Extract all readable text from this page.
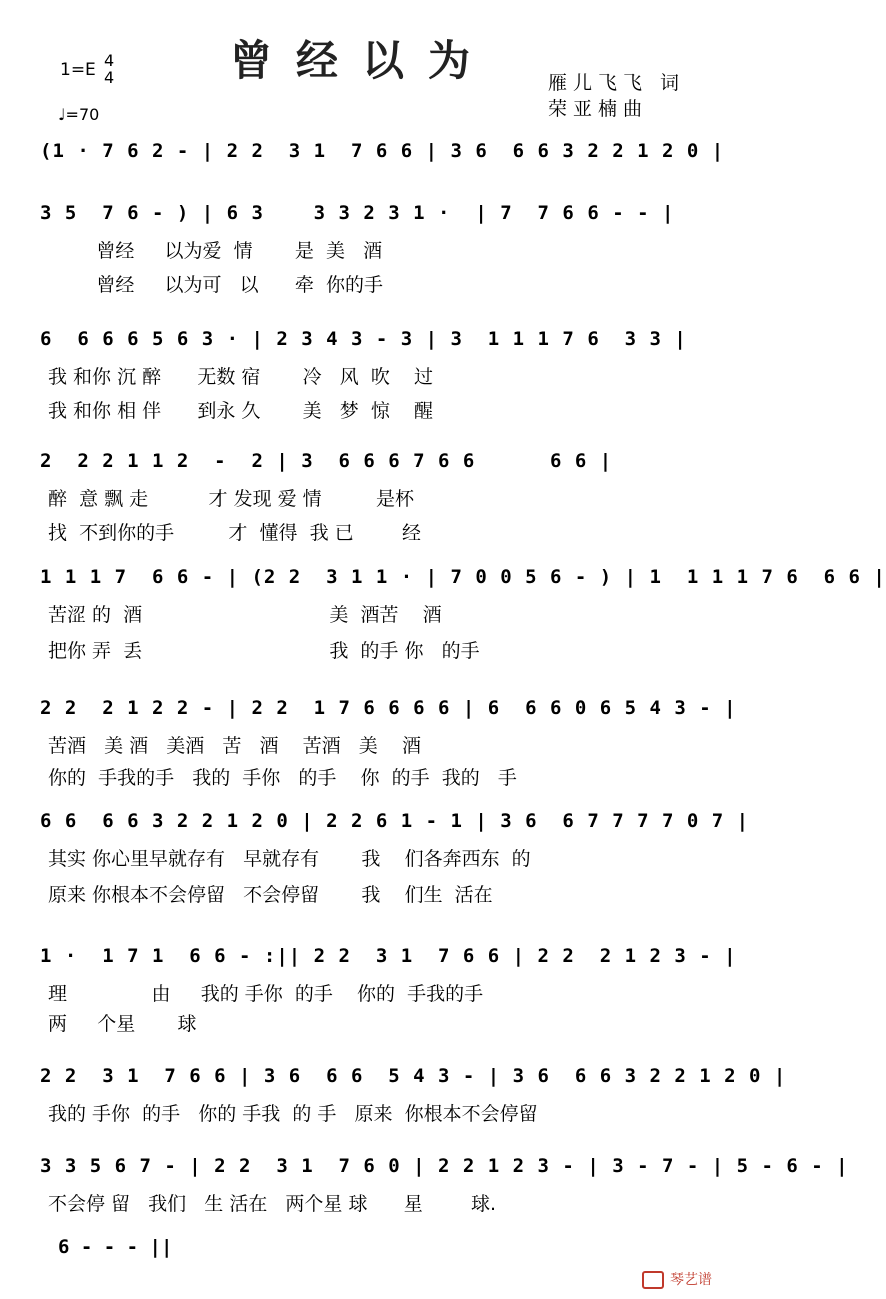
曾经以为
1=E 4
4
♩=70
雁儿飞飞 词
荣亚楠曲
(1 · 7 6 2 - | 2 2  3 1  7 6 6 | 3 6  6 6 3 2 2 1 2 0 |
3 5  7 6 - ) | 6 3    3 3 2 3 1 ·  | 7  7 6 6 - - |
曾经     以为爱  情       是  美   酒
曾经     以为可   以      牵  你的手
6  6 6 6 5 6 3 · | 2 3 4 3 - 3 | 3  1 1 1 7 6  3 3 |
我 和你 沉 醉      无数 宿       冷   风  吹    过
我 和你 相 伴      到永 久       美   梦  惊    醒
2  2 2 1 1 2  -  2 | 3  6 6 6 7 6 6      6 6 |
醉  意 飘 走          才 发现 爱 情         是杯
找  不到你的手         才  懂得  我 已        经
1 1 1 7  6 6 - | (2 2  3 1 1 · | 7 0 0 5 6 - ) | 1  1 1 1 7 6  6 6 |
苦涩 的  酒                               美  酒苦    酒
把你 弄  丢                               我  的手 你   的手
2 2  2 1 2 2 - | 2 2  1 7 6 6 6 6 | 6  6 6 0 6 5 4 3 - |
苦酒   美 酒   美酒   苦   酒    苦酒   美    酒
你的  手我的手   我的  手你   的手    你  的手  我的   手
6 6  6 6 3 2 2 1 2 0 | 2 2 6 1 - 1 | 3 6  6 7 7 7 7 0 7 |
其实 你心里早就存有   早就存有       我    们各奔西东  的
原来 你根本不会停留   不会停留       我    们生  活在
1 ·  1 7 1  6 6 - :|| 2 2  3 1  7 6 6 | 2 2  2 1 2 3 - |
理              由     我的 手你  的手    你的  手我的手
两     个星       球
2 2  3 1  7 6 6 | 3 6  6 6  5 4 3 - | 3 6  6 6 3 2 2 1 2 0 |
我的 手你  的手   你的 手我  的 手   原来  你根本不会停留
3 3 5 6 7 - | 2 2  3 1  7 6 0 | 2 2 1 2 3 - | 3 - 7 - | 5 - 6 - |
不会停 留   我们   生 活在   两个星 球      星        球.
6 - - - ||
琴艺谱
